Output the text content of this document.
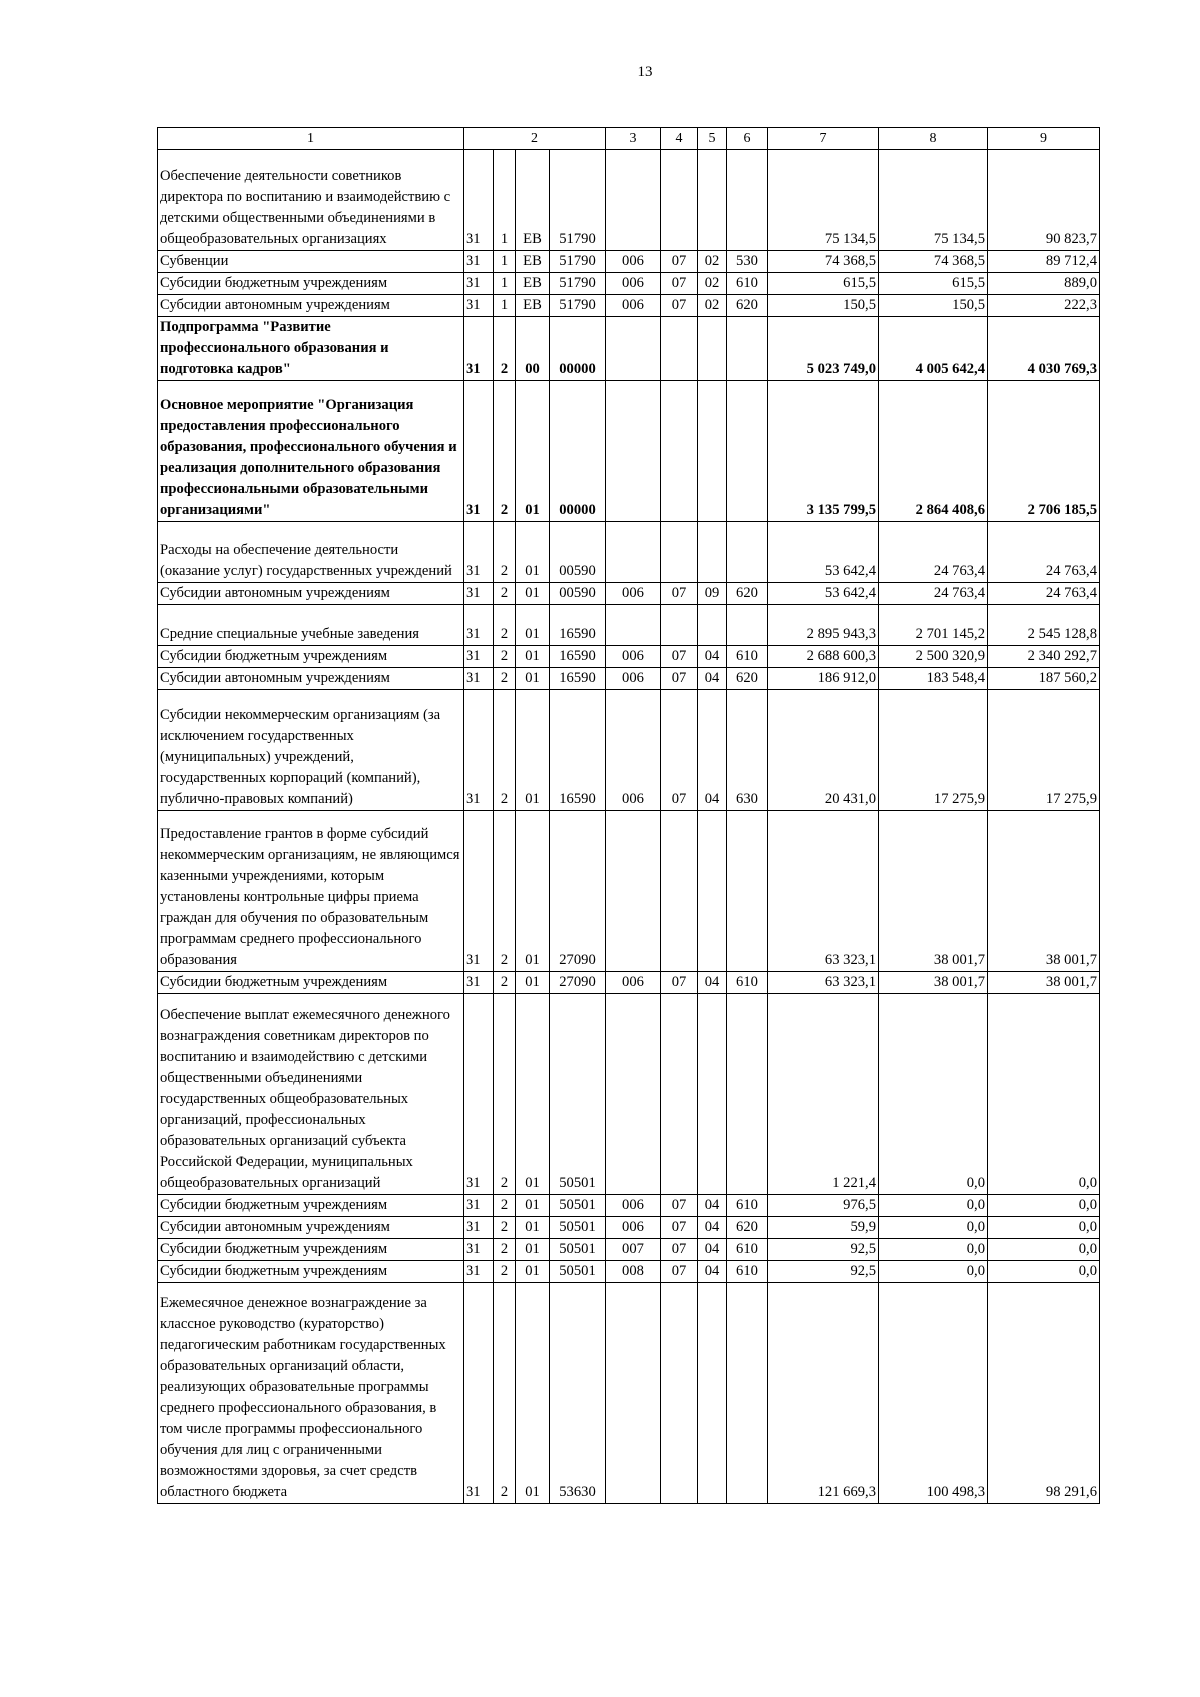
13
1	2				3	4	5	6	7	8	9
Обеспечение деятельности советников директора по воспитанию и взаимодействию с детскими общественными объединениями в общеобразовательных организациях	31	1	ЕВ	51790					75 134,5	75 134,5	90 823,7
Субвенции	31	1	ЕВ	51790	006	07	02	530	74 368,5	74 368,5	89 712,4
Субсидии бюджетным учреждениям	31	1	ЕВ	51790	006	07	02	610	615,5	615,5	889,0
Субсидии автономным учреждениям	31	1	ЕВ	51790	006	07	02	620	150,5	150,5	222,3
Подпрограмма "Развитие профессионального образования и подготовка кадров"	31	2	00	00000					5 023 749,0	4 005 642,4	4 030 769,3
Основное мероприятие "Организация предоставления профессионального образования, профессионального обучения и реализация дополнительного образования профессиональными образовательными организациями"	31	2	01	00000					3 135 799,5	2 864 408,6	2 706 185,5
Расходы на обеспечение деятельности (оказание услуг) государственных учреждений	31	2	01	00590					53 642,4	24 763,4	24 763,4
Субсидии автономным учреждениям	31	2	01	00590	006	07	09	620	53 642,4	24 763,4	24 763,4
Средние специальные учебные заведения	31	2	01	16590					2 895 943,3	2 701 145,2	2 545 128,8
Субсидии бюджетным учреждениям	31	2	01	16590	006	07	04	610	2 688 600,3	2 500 320,9	2 340 292,7
Субсидии автономным учреждениям	31	2	01	16590	006	07	04	620	186 912,0	183 548,4	187 560,2
Субсидии некоммерческим организациям (за исключением государственных (муниципальных) учреждений, государственных корпораций (компаний), публично-правовых компаний)	31	2	01	16590	006	07	04	630	20 431,0	17 275,9	17 275,9
Предоставление грантов в форме субсидий некоммерческим организациям, не являющимся казенными учреждениями, которым установлены контрольные цифры приема граждан для обучения по образовательным программам среднего профессионального образования	31	2	01	27090					63 323,1	38 001,7	38 001,7
Субсидии бюджетным учреждениям	31	2	01	27090	006	07	04	610	63 323,1	38 001,7	38 001,7
Обеспечение выплат ежемесячного денежного вознаграждения советникам директоров по воспитанию и взаимодействию с детскими общественными объединениями государственных общеобразовательных организаций, профессиональных образовательных организаций субъекта Российской Федерации, муниципальных общеобразовательных организаций	31	2	01	50501					1 221,4	0,0	0,0
Субсидии бюджетным учреждениям	31	2	01	50501	006	07	04	610	976,5	0,0	0,0
Субсидии автономным учреждениям	31	2	01	50501	006	07	04	620	59,9	0,0	0,0
Субсидии бюджетным учреждениям	31	2	01	50501	007	07	04	610	92,5	0,0	0,0
Субсидии бюджетным учреждениям	31	2	01	50501	008	07	04	610	92,5	0,0	0,0
Ежемесячное денежное вознаграждение за классное руководство (кураторство) педагогическим работникам государственных образовательных организаций области, реализующих образовательные программы среднего профессионального образования, в том числе программы профессионального обучения для лиц с ограниченными возможностями здоровья, за счет средств областного бюджета	31	2	01	53630					121 669,3	100 498,3	98 291,6
